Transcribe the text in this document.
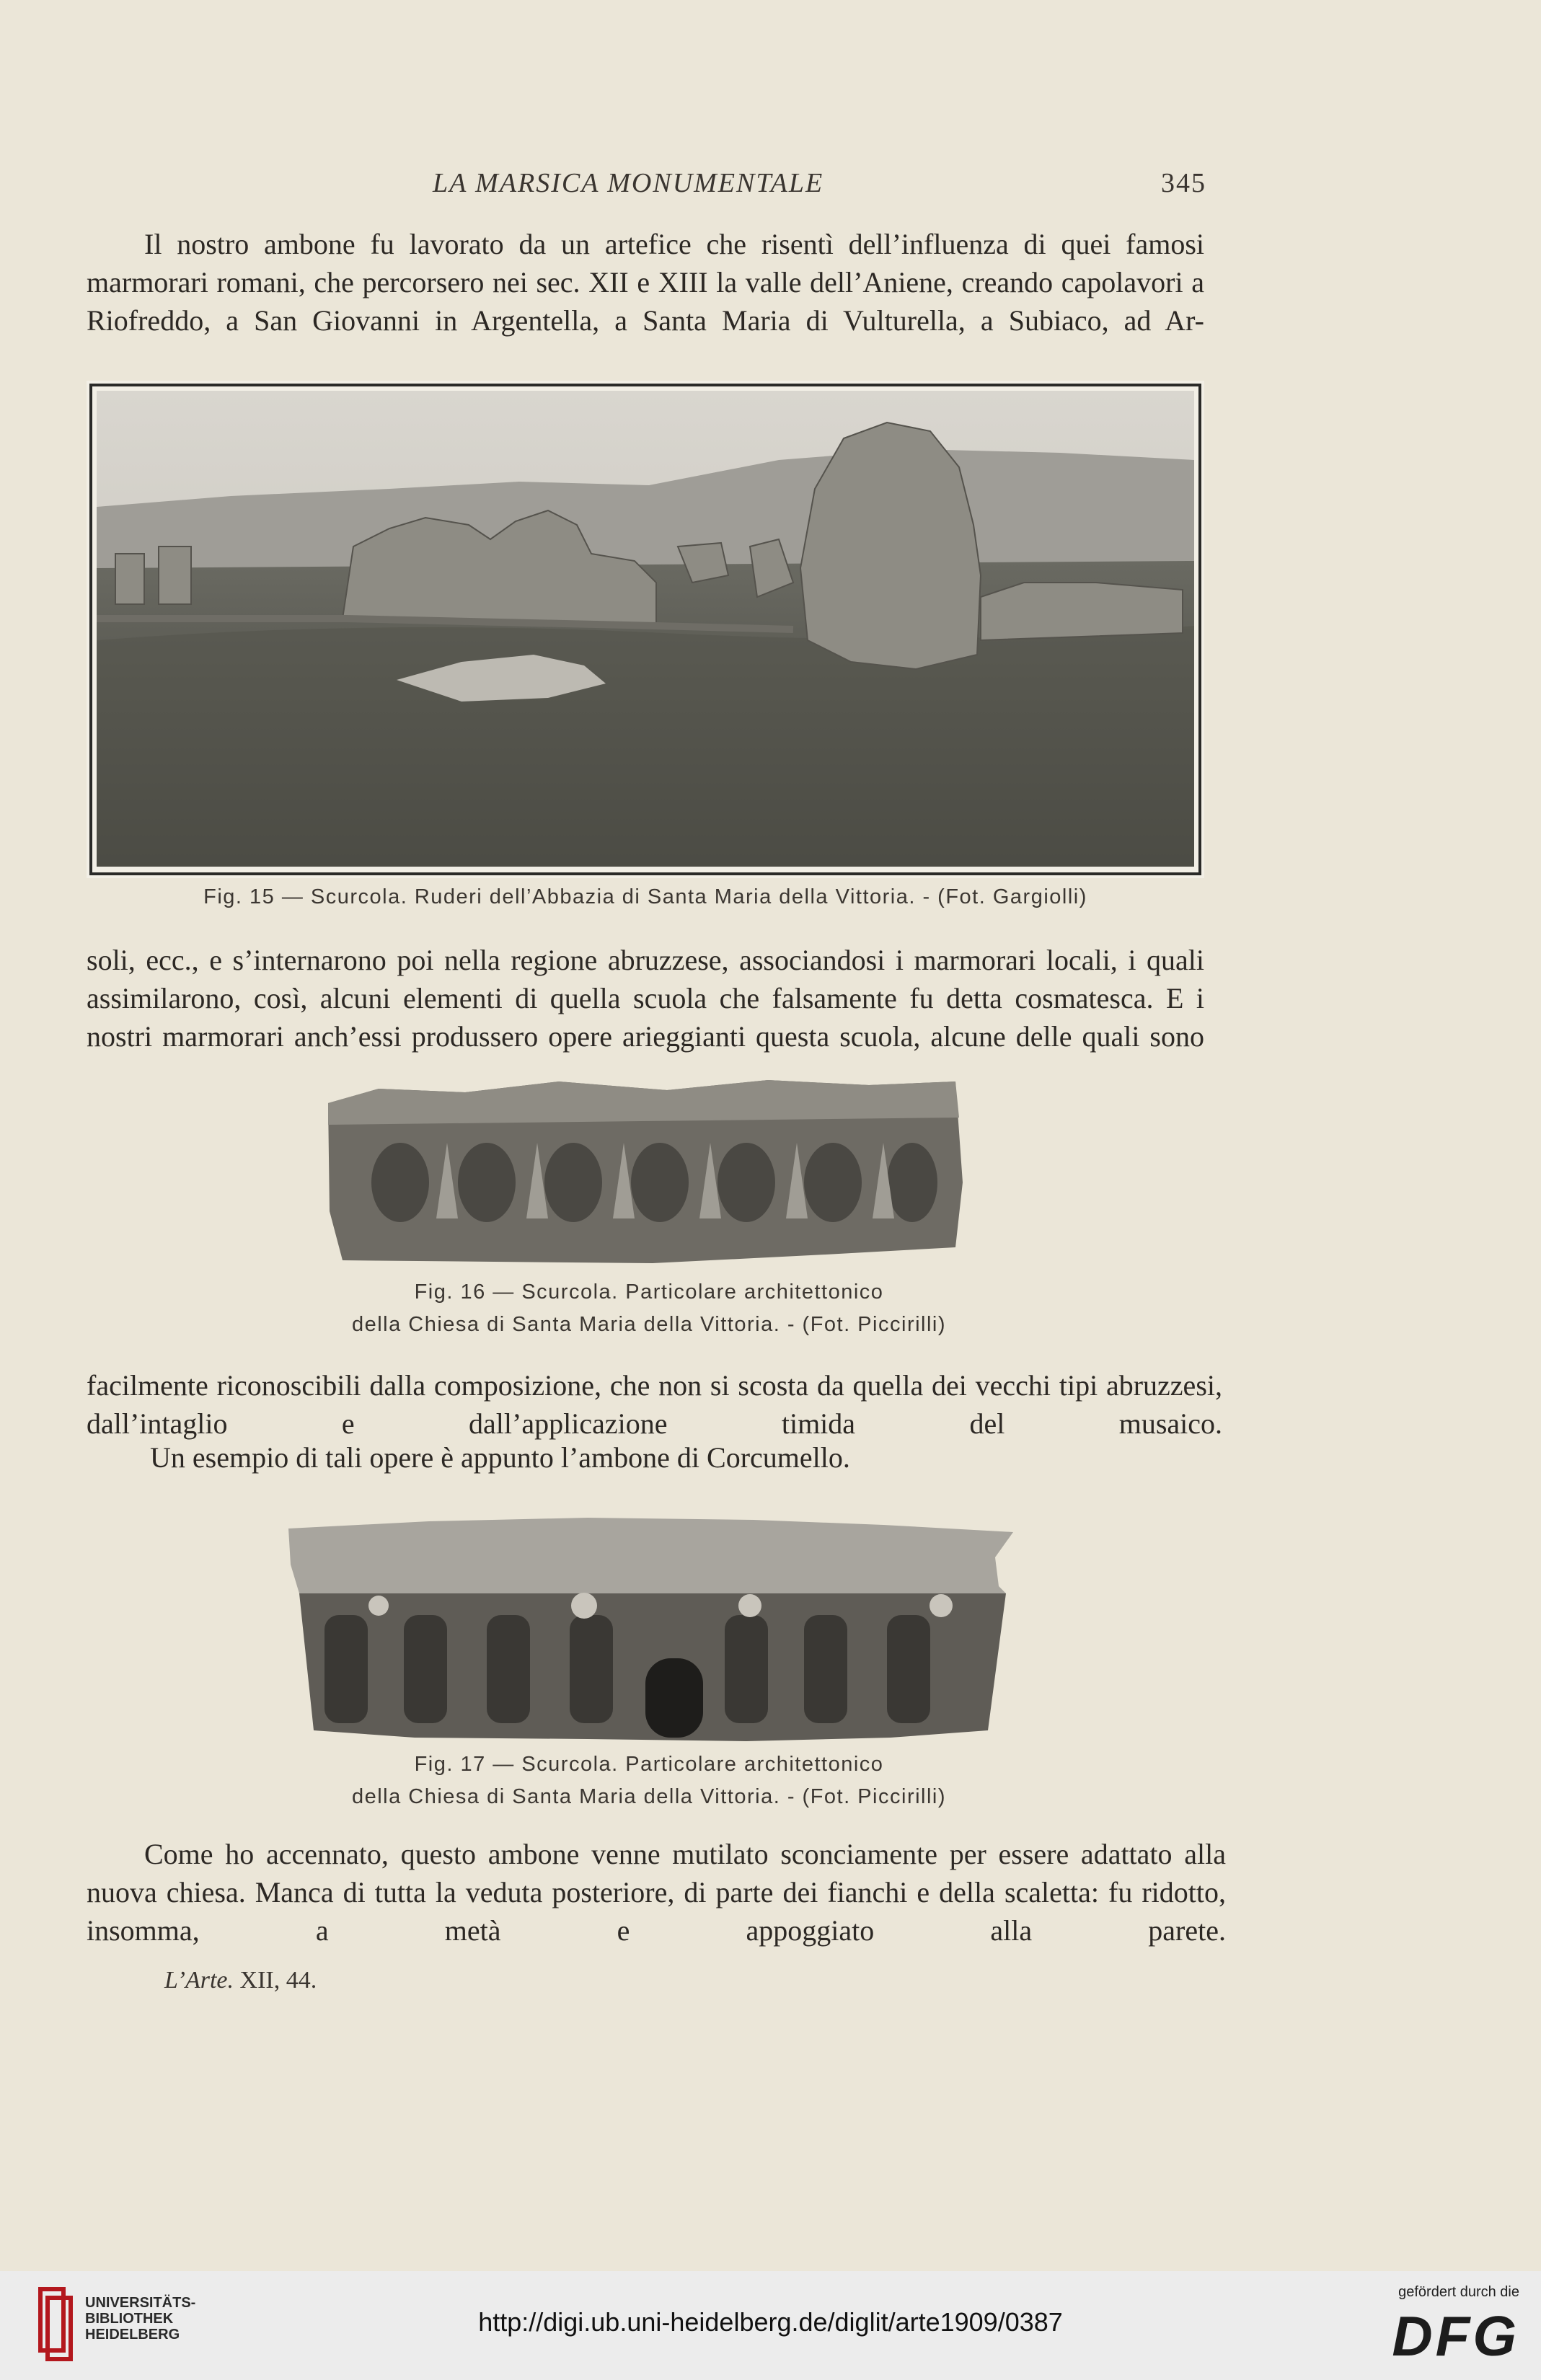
LA MARSICA MONUMENTALE	345

Il nostro ambone fu lavorato da un artefice che risentì dell’influenza di quei famosi marmorari romani, che percorsero nei sec. XII e XIII la valle dell’Aniene, creando capolavori a Riofreddo, a San Giovanni in Argentella, a Santa Maria di Vulturella, a Subiaco, ad Ar-

Fig. 15 — Scurcola. Ruderi dell’Abbazia di Santa Maria della Vittoria. - (Fot. Gargiolli)

soli, ecc., e s’internarono poi nella regione abruzzese, associandosi i marmorari locali, i quali assimilarono, così, alcuni elementi di quella scuola che falsamente fu detta cosmatesca. E i nostri marmorari anch’essi produssero opere arieggianti questa scuola, alcune delle quali sono

Fig. 16 — Scurcola. Particolare architettonico
della Chiesa di Santa Maria della Vittoria. - (Fot. Piccirilli)

facilmente riconoscibili dalla composizione, che non si scosta da quella dei vecchi tipi abruzzesi, dall’intaglio e dall’applicazione timida del musaico.

Un esempio di tali opere è appunto l’ambone di Corcumello.

Fig. 17 — Scurcola. Particolare architettonico
della Chiesa di Santa Maria della Vittoria. - (Fot. Piccirilli)

Come ho accennato, questo ambone venne mutilato sconciamente per essere adattato alla nuova chiesa. Manca di tutta la veduta posteriore, di parte dei fianchi e della scaletta: fu ridotto, insomma, a metà e appoggiato alla parete.

L’Arte. XII, 44.
UNIVERSITÄTS-
BIBLIOTHEK
HEIDELBERG	http://digi.ub.uni-heidelberg.de/diglit/arte1909/0387
gefördert durch die
DFG
